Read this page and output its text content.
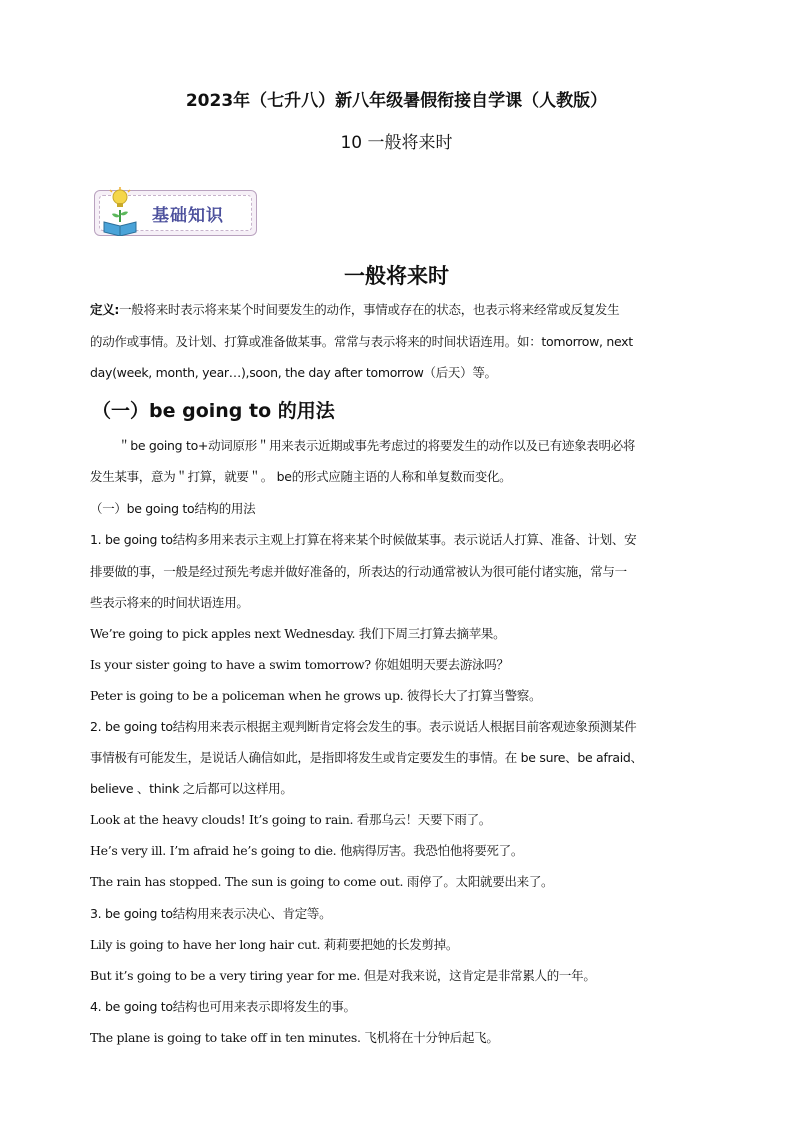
2023年（七升八）新八年级暑假衔接自学课（人教版）
10 一般将来时
基础知识
一般将来时
定义:一般将来时表示将来某个时间要发生的动作，事情或存在的状态，也表示将来经常或反复发生
的动作或事情。及计划、打算或准备做某事。常常与表示将来的时间状语连用。如：tomorrow, next
day(week, month, year…),soon, the day after tomorrow（后天）等。
（一）be going to 的用法
＂be going to+动词原形＂用来表示近期或事先考虑过的将要发生的动作以及已有迹象表明必将
发生某事，意为＂打算，就要＂。 be的形式应随主语的人称和单复数而变化。
（一）be going to结构的用法
1. be going to结构多用来表示主观上打算在将来某个时候做某事。表示说话人打算、准备、计划、安
排要做的事，一般是经过预先考虑并做好准备的，所表达的行动通常被认为很可能付诸实施，常与一
些表示将来的时间状语连用。
We’re going to pick apples next Wednesday. 我们下周三打算去摘苹果。
Is your sister going to have a swim tomorrow? 你姐姐明天要去游泳吗？
Peter is going to be a policeman when he grows up. 彼得长大了打算当警察。
2. be going to结构用来表示根据主观判断肯定将会发生的事。表示说话人根据目前客观迹象预测某件
事情极有可能发生，是说话人确信如此，是指即将发生或肯定要发生的事情。在 be sure、be afraid、
believe 、think 之后都可以这样用。
Look at the heavy clouds! It’s going to rain. 看那乌云！天要下雨了。
He’s very ill. I’m afraid he’s going to die. 他病得厉害。我恐怕他将要死了。
The rain has stopped. The sun is going to come out. 雨停了。太阳就要出来了。
3. be going to结构用来表示决心、肯定等。
Lily is going to have her long hair cut. 莉莉要把她的长发剪掉。
But it’s going to be a very tiring year for me. 但是对我来说，这肯定是非常累人的一年。
4. be going to结构也可用来表示即将发生的事。
The plane is going to take off in ten minutes. 飞机将在十分钟后起飞。
